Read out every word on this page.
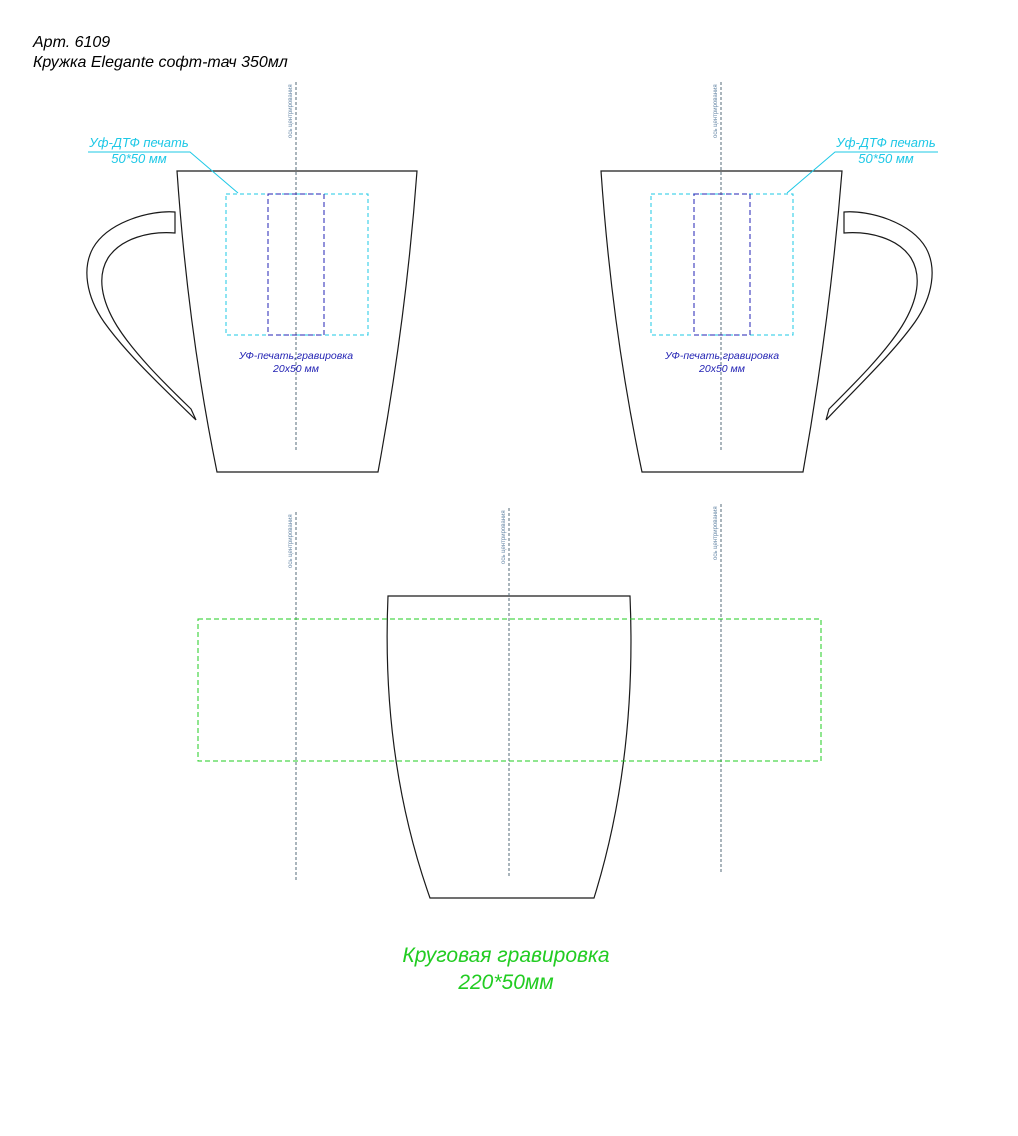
Арт. 6109
Кружка Elegante софт-тач 350мл
ось центрирования
Уф-ДТФ печать
50*50 мм
УФ-печать,гравировка
20x50 мм
ось центрирования
Уф-ДТФ печать
50*50 мм
УФ-печать,гравировка
20x50 мм
ось центрирования	ось центрирования	ось центрирования
Круговая гравировка
220*50мм
